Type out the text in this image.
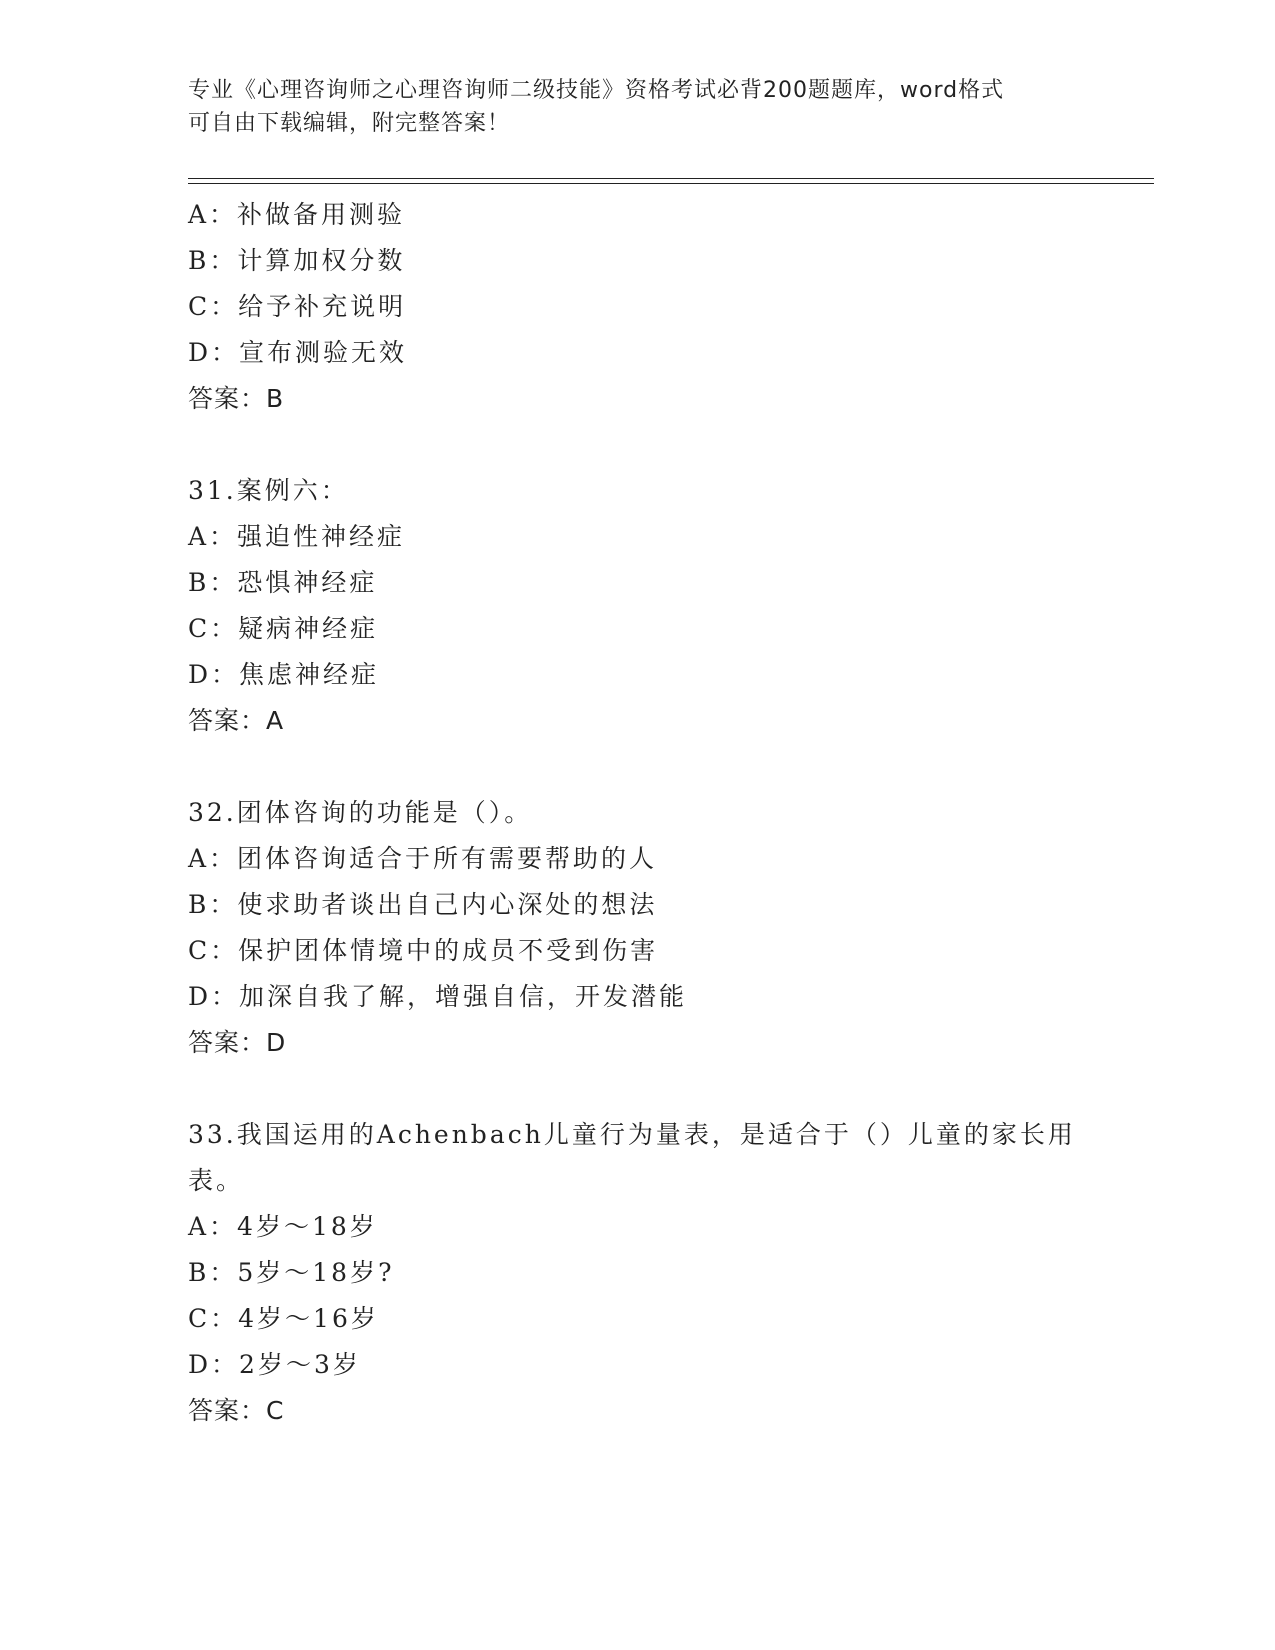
专业《心理咨询师之心理咨询师二级技能》资格考试必背200题题库，word格式
可自由下载编辑，附完整答案！
A：补做备用测验
B：计算加权分数
C：给予补充说明
D：宣布测验无效
答案：B
31.案例六：
A：强迫性神经症
B：恐惧神经症
C：疑病神经症
D：焦虑神经症
答案：A
32.团体咨询的功能是（）。
A：团体咨询适合于所有需要帮助的人
B：使求助者谈出自己内心深处的想法
C：保护团体情境中的成员不受到伤害
D：加深自我了解，增强自信，开发潜能
答案：D
33.我国运用的Achenbach儿童行为量表，是适合于（）儿童的家长用
表。
A：4岁～18岁
B：5岁～18岁?
C：4岁～16岁
D：2岁～3岁
答案：C
